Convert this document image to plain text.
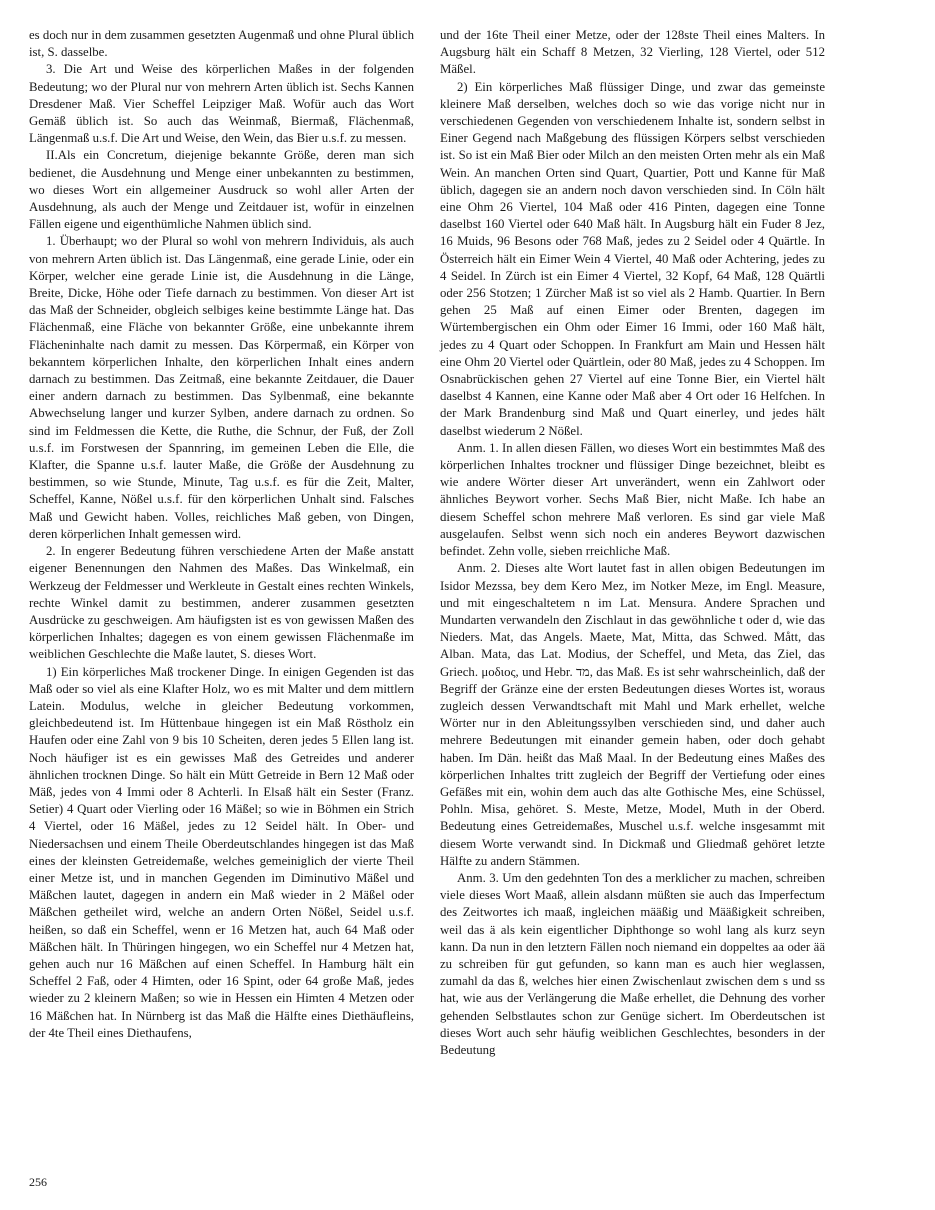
es doch nur in dem zusammen gesetzten Augenmaß und ohne Plural üblich ist, S. dasselbe.

3. Die Art und Weise des körperlichen Maßes in der folgenden Bedeutung; wo der Plural nur von mehrern Arten üblich ist. Sechs Kannen Dresdener Maß. Vier Scheffel Leipziger Maß. Wofür auch das Wort Gemäß üblich ist. So auch das Weinmaß, Biermaß, Flächenmaß, Längenmaß u.s.f. Die Art und Weise, den Wein, das Bier u.s.f. zu messen.

II.Als ein Concretum, diejenige bekannte Größe, deren man sich bedienet, die Ausdehnung und Menge einer unbekannten zu bestimmen, wo dieses Wort ein allgemeiner Ausdruck so wohl aller Arten der Ausdehnung, als auch der Menge und Zeitdauer ist, wofür in einzelnen Fällen eigene und eigenthümliche Nahmen üblich sind.

1. Überhaupt; wo der Plural so wohl von mehrern Individuis, als auch von mehrern Arten üblich ist. Das Längenmaß, eine gerade Linie, oder ein Körper, welcher eine gerade Linie ist, die Ausdehnung in die Länge, Breite, Dicke, Höhe oder Tiefe darnach zu bestimmen. Von dieser Art ist das Maß der Schneider, obgleich selbiges keine bestimmte Länge hat. Das Flächenmaß, eine Fläche von bekannter Größe, eine unbekannte ihrem Flächeninhalte nach damit zu messen. Das Körpermaß, ein Körper von bekanntem körperlichen Inhalte, den körperlichen Inhalt eines andern darnach zu bestimmen. Das Zeitmaß, eine bekannte Zeitdauer, die Dauer einer andern darnach zu bestimmen. Das Sylbenmaß, eine bekannte Abwechselung langer und kurzer Sylben, andere darnach zu ordnen. So sind im Feldmessen die Kette, die Ruthe, die Schnur, der Fuß, der Zoll u.s.f. im Forstwesen der Spannring, im gemeinen Leben die Elle, die Klafter, die Spanne u.s.f. lauter Maße, die Größe der Ausdehnung zu bestimmen, so wie Stunde, Minute, Tag u.s.f. es für die Zeit, Malter, Scheffel, Kanne, Nößel u.s.f. für den körperlichen Unhalt sind. Falsches Maß und Gewicht haben. Volles, reichliches Maß geben, von Dingen, deren körperlichen Inhalt gemessen wird.

2. In engerer Bedeutung führen verschiedene Arten der Maße anstatt eigener Benennungen den Nahmen des Maßes. Das Winkelmaß, ein Werkzeug der Feldmesser und Werkleute in Gestalt eines rechten Winkels, rechte Winkel damit zu bestimmen, anderer zusammen gesetzten Ausdrücke zu geschweigen. Am häufigsten ist es von gewissen Maßen des körperlichen Inhaltes; dagegen es von einem gewissen Flächenmaße im weiblichen Geschlechte die Maße lautet, S. dieses Wort.

1) Ein körperliches Maß trockener Dinge. In einigen Gegenden ist das Maß oder so viel als eine Klafter Holz, wo es mit Malter und dem mittlern Latein. Modulus, welche in gleicher Bedeutung vorkommen, gleichbedeutend ist. Im Hüttenbaue hingegen ist ein Maß Röstholz ein Haufen oder eine Zahl von 9 bis 10 Scheiten, deren jedes 5 Ellen lang ist. Noch häufiger ist es ein gewisses Maß des Getreides und anderer ähnlichen trocknen Dinge. So hält ein Mütt Getreide in Bern 12 Maß oder Mäß, jedes von 4 Immi oder 8 Achterli. In Elsaß hält ein Sester (Franz. Setier) 4 Quart oder Vierling oder 16 Mäßel; so wie in Böhmen ein Strich 4 Viertel, oder 16 Mäßel, jedes zu 12 Seidel hält. In Ober- und Niedersachsen und einem Theile Oberdeutschlandes hingegen ist das Maß eines der kleinsten Getreidemaße, welches gemeiniglich der vierte Theil einer Metze ist, und in manchen Gegenden im Diminutivo Mäßel und Mäßchen lautet, dagegen in andern ein Maß wieder in 2 Mäßel oder Mäßchen getheilet wird, welche an andern Orten Nößel, Seidel u.s.f. heißen, so daß ein Scheffel, wenn er 16 Metzen hat, auch 64 Maß oder Mäßchen hält. In Thüringen hingegen, wo ein Scheffel nur 4 Metzen hat, gehen auch nur 16 Mäßchen auf einen Scheffel. In Hamburg hält ein Scheffel 2 Faß, oder 4 Himten, oder 16 Spint, oder 64 große Maß, jedes wieder zu 2 kleinern Maßen; so wie in Hessen ein Himten 4 Metzen oder 16 Mäßchen hat. In Nürnberg ist das Maß die Hälfte eines Diethäufleins, der 4te Theil eines Diethaufens,

und der 16te Theil einer Metze, oder der 128ste Theil eines Malters. In Augsburg hält ein Schaff 8 Metzen, 32 Vierling, 128 Viertel, oder 512 Mäßel.

2) Ein körperliches Maß flüssiger Dinge, und zwar das gemeinste kleinere Maß derselben, welches doch so wie das vorige nicht nur in verschiedenen Gegenden von verschiedenem Inhalte ist, sondern selbst in Einer Gegend nach Maßgebung des flüssigen Körpers selbst verschieden ist. So ist ein Maß Bier oder Milch an den meisten Orten mehr als ein Maß Wein. An manchen Orten sind Quart, Quartier, Pott und Kanne für Maß üblich, dagegen sie an andern noch davon verschieden sind. In Cöln hält eine Ohm 26 Viertel, 104 Maß oder 416 Pinten, dagegen eine Tonne daselbst 160 Viertel oder 640 Maß hält. In Augsburg hält ein Fuder 8 Jez, 16 Muids, 96 Besons oder 768 Maß, jedes zu 2 Seidel oder 4 Quärtle. In Österreich hält ein Eimer Wein 4 Viertel, 40 Maß oder Achtering, jedes zu 4 Seidel. In Zürch ist ein Eimer 4 Viertel, 32 Kopf, 64 Maß, 128 Quärtli oder 256 Stotzen; 1 Zürcher Maß ist so viel als 2 Hamb. Quartier. In Bern gehen 25 Maß auf einen Eimer oder Brenten, dagegen im Würtembergischen ein Ohm oder Eimer 16 Immi, oder 160 Maß hält, jedes zu 4 Quart oder Schoppen. In Frankfurt am Main und Hessen hält eine Ohm 20 Viertel oder Quärtlein, oder 80 Maß, jedes zu 4 Schoppen. Im Osnabrückischen gehen 27 Viertel auf eine Tonne Bier, ein Viertel hält daselbst 4 Kannen, eine Kanne oder Maß aber 4 Ort oder 16 Helfchen. In der Mark Brandenburg sind Maß und Quart einerley, und jedes hält daselbst wiederum 2 Nößel.

Anm. 1. In allen diesen Fällen, wo dieses Wort ein bestimmtes Maß des körperlichen Inhaltes trockner und flüssiger Dinge bezeichnet, bleibt es wie andere Wörter dieser Art unverändert, wenn ein Zahlwort oder ähnliches Beywort vorher. Sechs Maß Bier, nicht Maße. Ich habe an diesem Scheffel schon mehrere Maß verloren. Es sind gar viele Maß ausgelaufen. Selbst wenn sich noch ein anderes Beywort dazwischen befindet. Zehn volle, sieben rreichliche Maß.

Anm. 2. Dieses alte Wort lautet fast in allen obigen Bedeutungen im Isidor Mezssa, bey dem Kero Mez, im Notker Meze, im Engl. Measure, und mit eingeschaltetem n im Lat. Mensura. Andere Sprachen und Mundarten verwandeln den Zischlaut in das gewöhnliche t oder d, wie das Nieders. Mat, das Angels. Maete, Mat, Mitta, das Schwed. Mått, das Alban. Mata, das Lat. Modius, der Scheffel, und Meta, das Ziel, das Griech. μοδιος, und Hebr. מד, das Maß. Es ist sehr wahrscheinlich, daß der Begriff der Gränze eine der ersten Bedeutungen dieses Wortes ist, woraus zugleich dessen Verwandtschaft mit Mahl und Mark erhellet, welche Wörter nur in den Ableitungssylben verschieden sind, und daher auch mehrere Bedeutungen mit einander gemein haben, oder doch gehabt haben. Im Dän. heißt das Maß Maal. In der Bedeutung eines Maßes des körperlichen Inhaltes tritt zugleich der Begriff der Vertiefung oder eines Gefäßes mit ein, wohin dem auch das alte Gothische Mes, eine Schüssel, Pohln. Misa, gehöret. S. Meste, Metze, Model, Muth in der Oberd. Bedeutung eines Getreidemaßes, Muschel u.s.f. welche insgesammt mit diesem Worte verwandt sind. In Dickmaß und Gliedmaß gehöret letzte Hälfte zu andern Stämmen.

Anm. 3. Um den gedehnten Ton des a merklicher zu machen, schreiben viele dieses Wort Maaß, allein alsdann müßten sie auch das Imperfectum des Zeitwortes ich maaß, ingleichen määßig und Määßigkeit schreiben, weil das ä als kein eigentlicher Diphthonge so wohl lang als kurz seyn kann. Da nun in den letztern Fällen noch niemand ein doppeltes aa oder ää zu schreiben für gut gefunden, so kann man es auch hier weglassen, zumahl da das ß, welches hier einen Zwischenlaut zwischen dem s und ss hat, wie aus der Verlängerung die Maße erhellet, die Dehnung des vorher gehenden Selbstlautes schon zur Genüge sichert. Im Oberdeutschen ist dieses Wort auch sehr häufig weiblichen Geschlechtes, besonders in der Bedeutung

256
